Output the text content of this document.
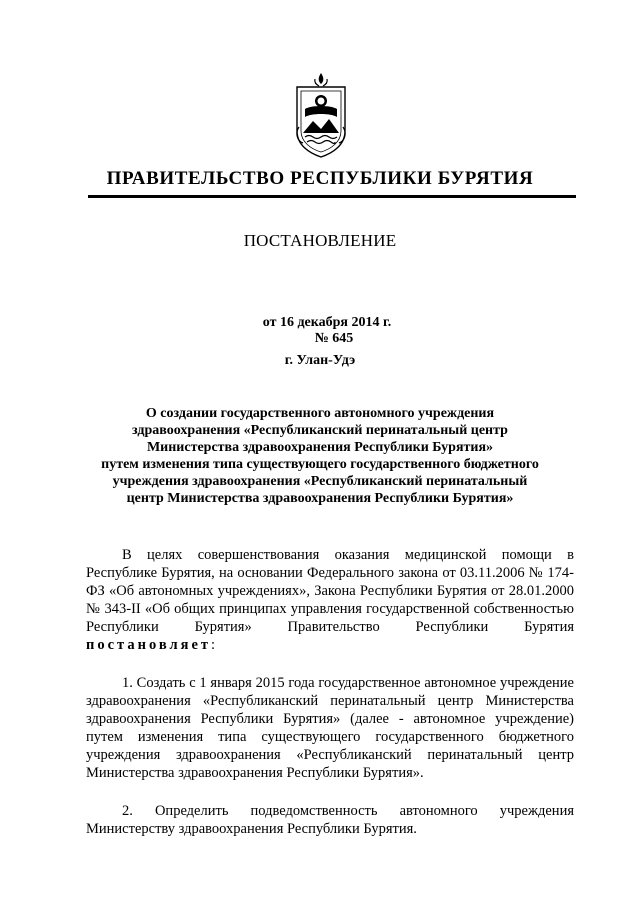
ПРАВИТЕЛЬСТВО РЕСПУБЛИКИ БУРЯТИЯ
ПОСТАНОВЛЕНИЕ

от 16 декабря 2014 г.
№ 645

г. Улан-Удэ
О создании государственного автономного учреждения
здравоохранения «Республиканский перинатальный центр
Министерства здравоохранения Республики Бурятия»
путем изменения типа существующего государственного бюджетного
учреждения здравоохранения «Республиканский перинатальный
центр Министерства здравоохранения Республики Бурятия»

В целях совершенствования оказания медицинской помощи в Республике Бурятия, на основании Федерального закона от 03.11.2006 № 174-ФЗ «Об автономных учреждениях», Закона Республики Бурятия от 28.01.2000 № 343-II «Об общих принципах управления государственной собственностью Республики Бурятия» Правительство Республики Бурятия постановляет:

1. Создать с 1 января 2015 года государственное автономное учреждение здравоохранения «Республиканский перинатальный центр Министерства здравоохранения Республики Бурятия» (далее - автономное учреждение) путем изменения типа существующего государственного бюджетного учреждения здравоохранения «Республиканский перинатальный центр Министерства здравоохранения Республики Бурятия».

2. Определить подведомственность автономного учреждения Министерству здравоохранения Республики Бурятия.
